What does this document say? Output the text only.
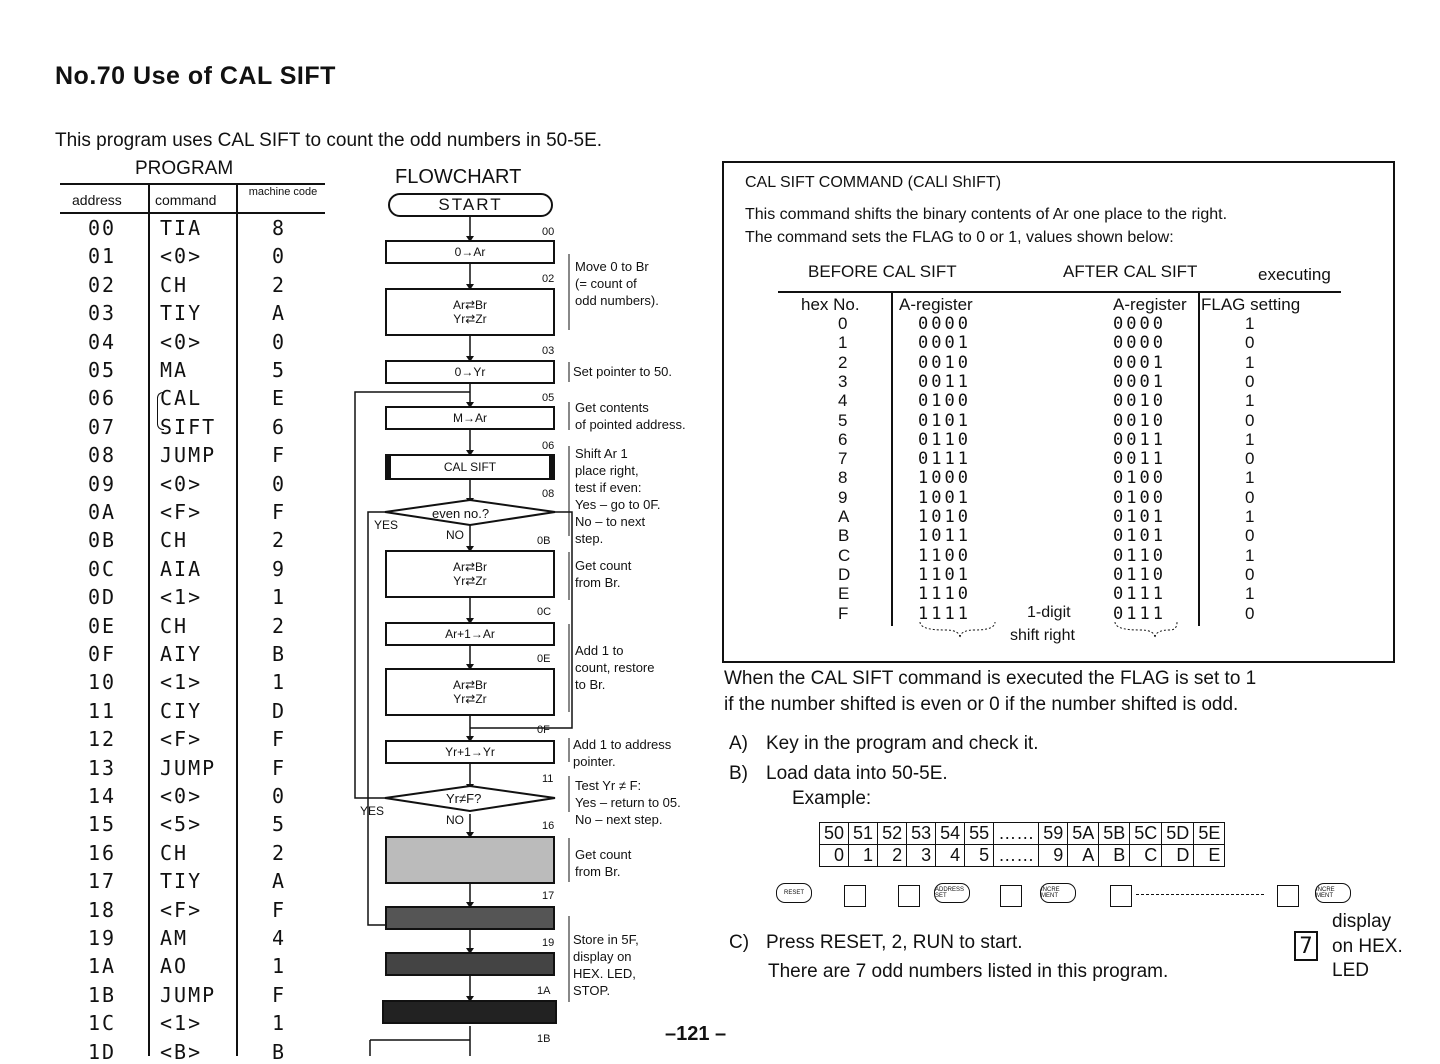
No.70 Use of CAL SIFT
This program uses CAL SIFT to count the odd numbers in 50-5E.
PROGRAM
address command	machine code
00 TIA	8
01 <0>	0
02 CH	2
03 TIY	A
04 <0>	0
05 MA	5
06 CAL	E
07 SIFT	6
08 JUMP	F
09 <0>	0
0A <F>	F
0B CH	2
0C AIA	9
0D <1>	1
0E CH	2
0F AIY	B
10 <1>	1
11 CIY	D
12 <F>	F
13 JUMP	F
14 <0>	0
15 <5>	5
16 CH	2
17 TIY	A
18 <F>	F
19 AM	4
1A AO	1
1B JUMP	F
1C <1>	1
1D <B>	B
FLOWCHART
START
0→Ar
Ar⇄Br
Yr⇄Zr
0→Yr
M→Ar
CAL SIFT
even no.?
YES
NO
Ar⇄Br
Yr⇄Zr
Ar+1→Ar
Ar⇄Br
Yr⇄Zr
Yr+1→Yr
Yr≠F?
YES
NO
00
02
03
05
06
08
0B
0C
0E
0F
11
16
17
19
1A
1B
Move 0 to Br
(= count of
odd numbers).
Set pointer to 50.
Get contents
of pointed address.
Shift Ar 1
place right,
test if even:
Yes – go to 0F.
No – to next
step.
Get count
from Br.
Add 1 to
count, restore
to Br.
Add 1 to address
pointer.
Test Yr ≠ F:
Yes – return to 05.
No – next step.
Get count
from Br.
Store in 5F,
display on
HEX. LED,
STOP.
CAL SIFT COMMAND (CALl ShIFT)
This command shifts the binary contents of Ar one place to the right.
The command sets the FLAG to 0 or 1, values shown below:
BEFORE CAL SIFT	AFTER CAL SIFT	executing
hex No. A-register	A-register FLAG setting
0	0000	0000	1
1	0001	0000	0
2	0010	0001	1
3	0011	0001	0
4	0100	0010	1
5	0101	0010	0
6	0110	0011	1
7	0111	0011	0
8	1000	0100	1
9	1001	0100	0
A	1010	0101	1
B	1011	0101	0
C	1100	0110	1
D	1101	0110	0
E	1110	0111	1
F	1111	0111	0
1-digit
shift right
When the CAL SIFT command is executed the FLAG is set to 1
if the number shifted is even or 0 if the number shifted is odd.
A) Key in the program and check it.
B) Load data into 50-5E.
Example:
50	51	52	53	54	55	……	59	5A	5B	5C	5D	5E
0	1	2	3	4	5	……	9	A	B	C	D	E
RESET	ADDRESS SET
INCRE MENT
INCRE MENT
C) Press RESET, 2, RUN to start.
There are 7 odd numbers listed in this program.
7
display
on HEX.
LED
–121 –
